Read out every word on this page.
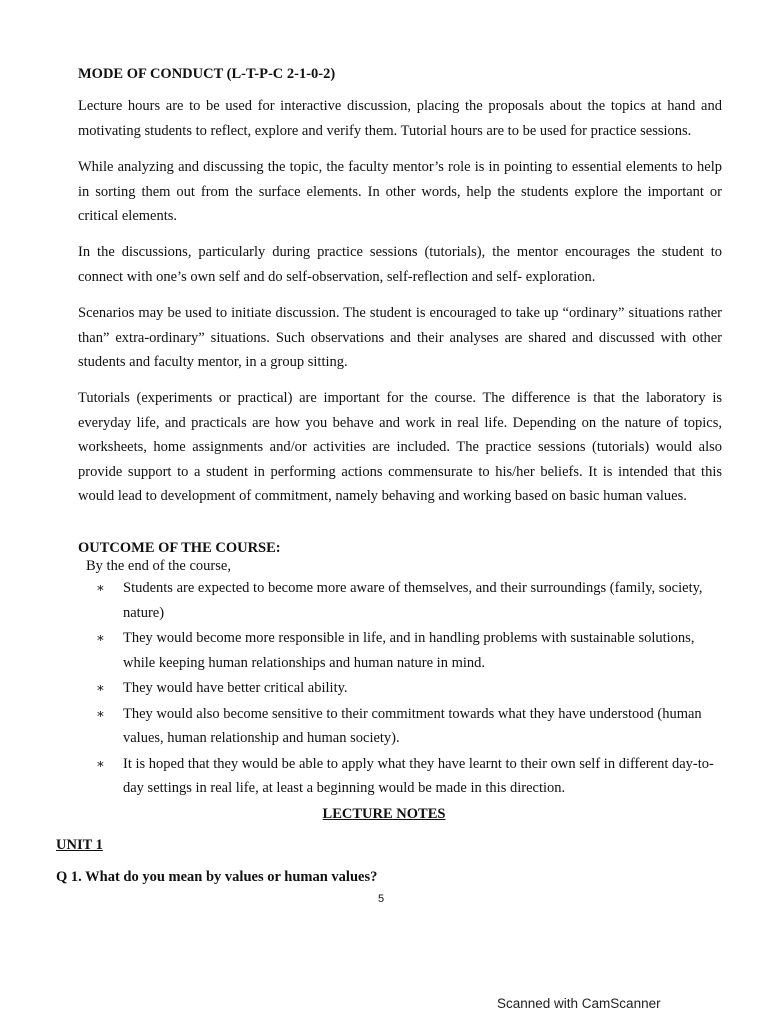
MODE OF CONDUCT (L-T-P-C 2-1-0-2)

Lecture hours are to be used for interactive discussion, placing the proposals about the topics at hand and motivating students to reflect, explore and verify them. Tutorial hours are to be used for practice sessions.

While analyzing and discussing the topic, the faculty mentor’s role is in pointing to essential elements to help in sorting them out from the surface elements. In other words, help the students explore the important or critical elements.

In the discussions, particularly during practice sessions (tutorials), the mentor encourages the student to connect with one’s own self and do self-observation, self-reflection and self- exploration.

Scenarios may be used to initiate discussion. The student is encouraged to take up “ordinary” situations rather than” extra-ordinary” situations. Such observations and their analyses are shared and discussed with other students and faculty mentor, in a group sitting.

Tutorials (experiments or practical) are important for the course. The difference is that the laboratory is everyday life, and practicals are how you behave and work in real life. Depending on the nature of topics, worksheets, home assignments and/or activities are included. The practice sessions (tutorials) would also provide support to a student in performing actions commensurate to his/her beliefs. It is intended that this would lead to development of commitment, namely behaving and working based on basic human values.

OUTCOME OF THE COURSE:

By the end of the course,

∗ Students are expected to become more aware of themselves, and their surroundings (family, society, nature)
∗ They would become more responsible in life, and in handling problems with sustainable solutions, while keeping human relationships and human nature in mind.
∗ They would have better critical ability.
∗ They would also become sensitive to their commitment towards what they have understood (human values, human relationship and human society).
∗ It is hoped that they would be able to apply what they have learnt to their own self in different day-to-day settings in real life, at least a beginning would be made in this direction.
LECTURE NOTES
UNIT 1

Q 1. What do you mean by values or human values?

5
Scanned with CamScanner
